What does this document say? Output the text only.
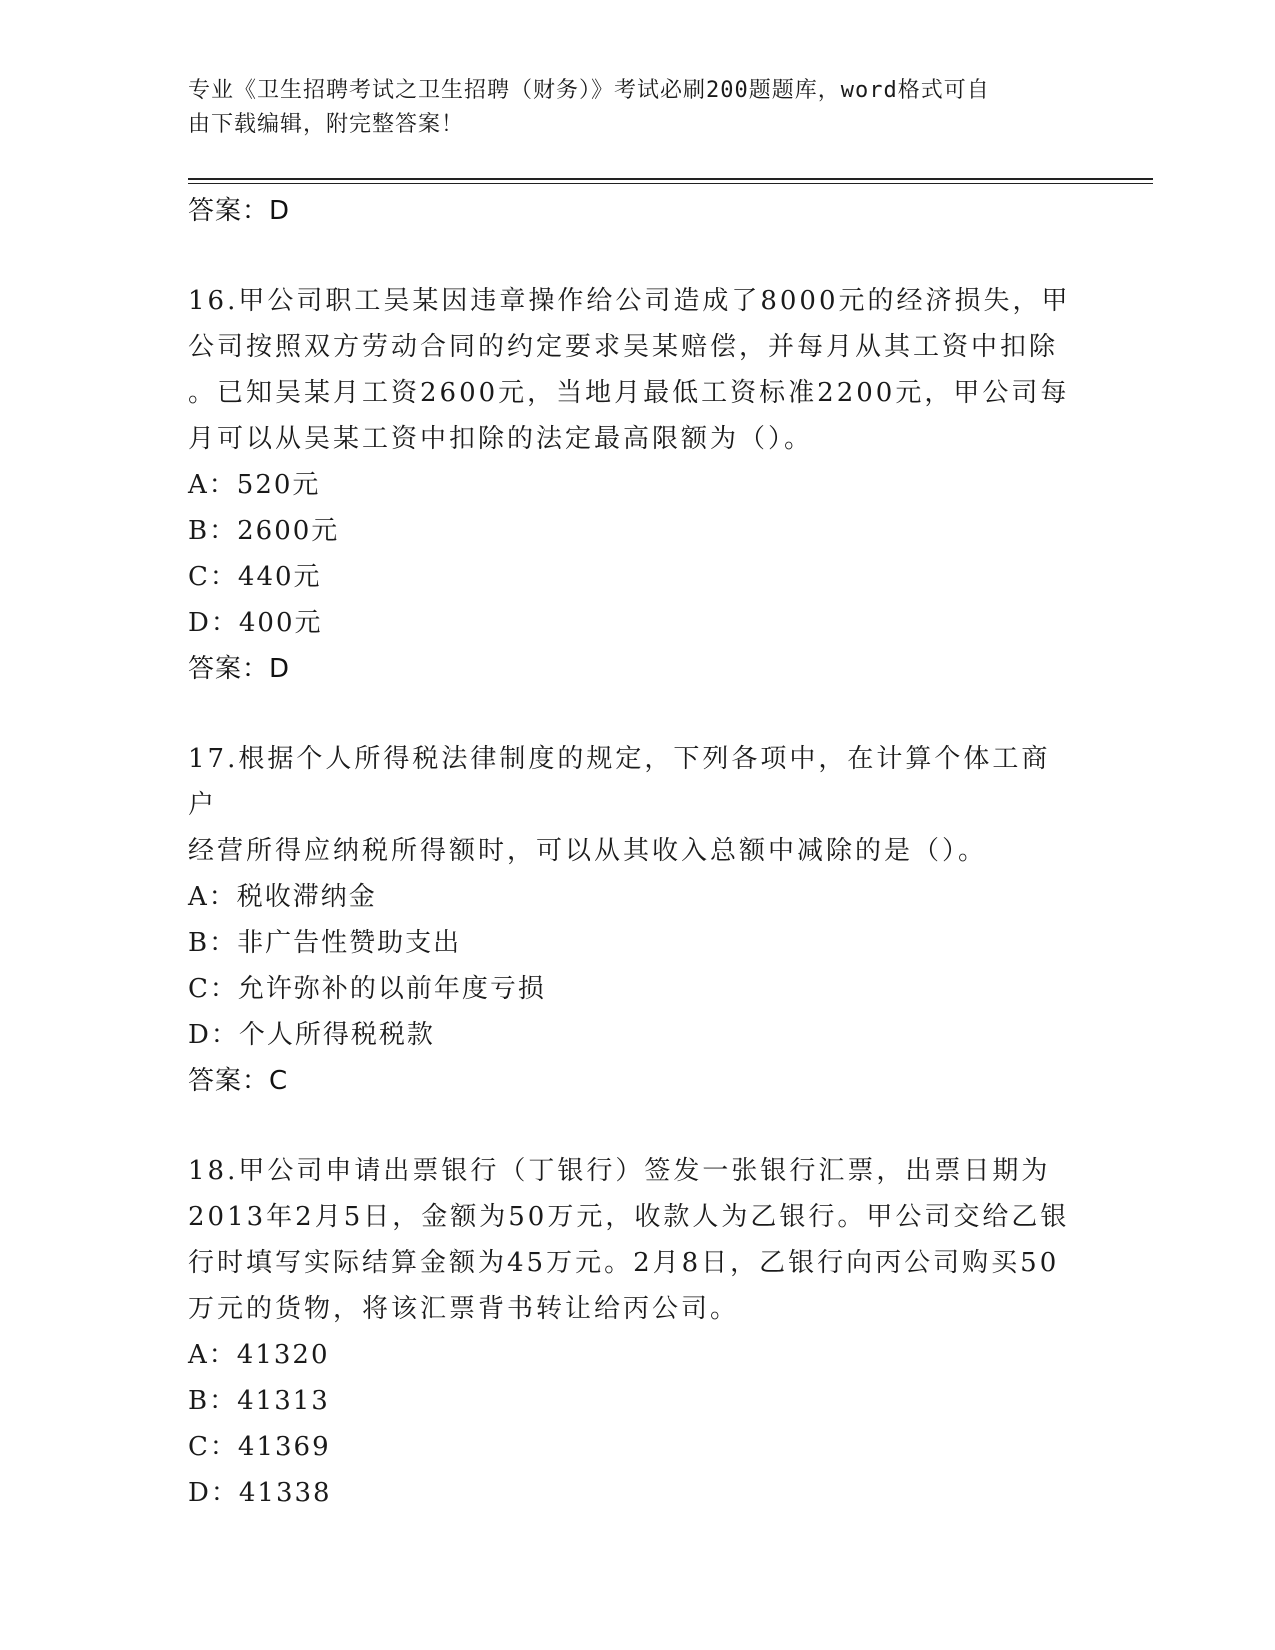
专业《卫生招聘考试之卫生招聘（财务）》考试必刷200题题库，word格式可自
由下载编辑，附完整答案！
答案：D
16.甲公司职工吴某因违章操作给公司造成了8000元的经济损失，甲
公司按照双方劳动合同的约定要求吴某赔偿，并每月从其工资中扣除
。已知吴某月工资2600元，当地月最低工资标准2200元，甲公司每
月可以从吴某工资中扣除的法定最高限额为（）。
A：520元
B：2600元
C：440元
D：400元
答案：D
17.根据个人所得税法律制度的规定，下列各项中，在计算个体工商户
经营所得应纳税所得额时，可以从其收入总额中减除的是（）。
A：税收滞纳金
B：非广告性赞助支出
C：允许弥补的以前年度亏损
D：个人所得税税款
答案：C
18.甲公司申请出票银行（丁银行）签发一张银行汇票，出票日期为
2013年2月5日，金额为50万元，收款人为乙银行。甲公司交给乙银
行时填写实际结算金额为45万元。2月8日，乙银行向丙公司购买50
万元的货物，将该汇票背书转让给丙公司。
A：41320
B：41313
C：41369
D：41338
